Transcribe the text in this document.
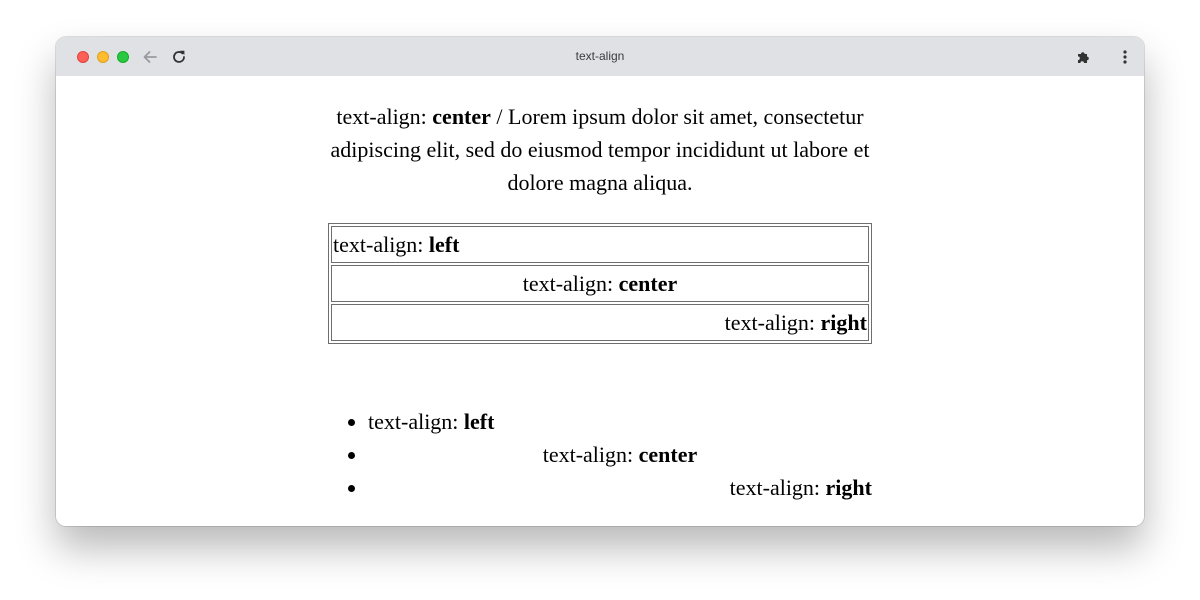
text-align

text-align: center / Lorem ipsum dolor sit amet, consectetur adipiscing elit, sed do eiusmod tempor incididunt ut labore et dolore magna aliqua.

text-align: left
text-align: center
text-align: right
• text-align: left
• text-align: center
• text-align: right
